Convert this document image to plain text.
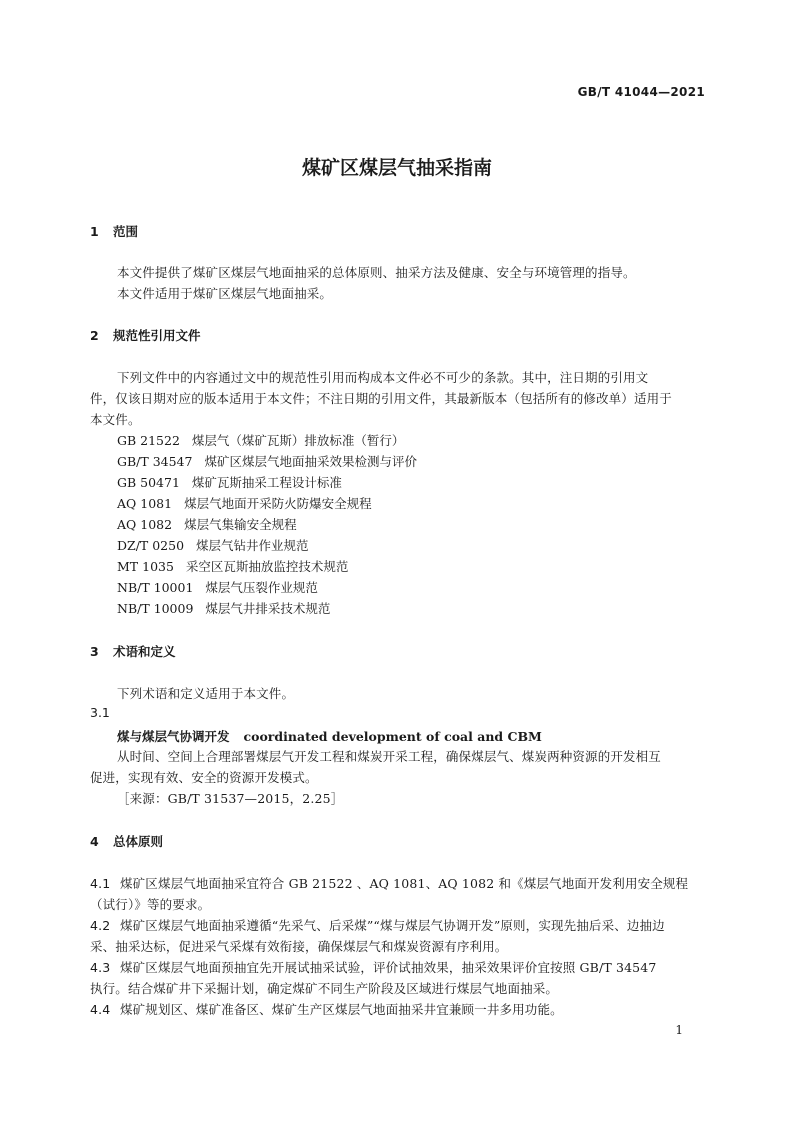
GB/T 41044—2021
煤矿区煤层气抽采指南
1 范围
本文件提供了煤矿区煤层气地面抽采的总体原则、抽采方法及健康、安全与环境管理的指导。
本文件适用于煤矿区煤层气地面抽采。
2 规范性引用文件
下列文件中的内容通过文中的规范性引用而构成本文件必不可少的条款。其中，注日期的引用文
件，仅该日期对应的版本适用于本文件；不注日期的引用文件，其最新版本（包括所有的修改单）适用于
本文件。
GB 21522 煤层气（煤矿瓦斯）排放标准（暂行）
GB/T 34547 煤矿区煤层气地面抽采效果检测与评价
GB 50471 煤矿瓦斯抽采工程设计标准
AQ 1081 煤层气地面开采防火防爆安全规程
AQ 1082 煤层气集输安全规程
DZ/T 0250 煤层气钻井作业规范
MT 1035 采空区瓦斯抽放监控技术规范
NB/T 10001 煤层气压裂作业规范
NB/T 10009 煤层气井排采技术规范
3 术语和定义
下列术语和定义适用于本文件。
3.1
煤与煤层气协调开发 coordinated development of coal and CBM
从时间、空间上合理部署煤层气开发工程和煤炭开采工程，确保煤层气、煤炭两种资源的开发相互
促进，实现有效、安全的资源开发模式。
［来源：GB/T 31537—2015，2.25］
4 总体原则
4.1 煤矿区煤层气地面抽采宜符合 GB 21522 、AQ 1081、AQ 1082 和《煤层气地面开发利用安全规程
（试行）》等的要求。
4.2 煤矿区煤层气地面抽采遵循“先采气、后采煤”“煤与煤层气协调开发”原则，实现先抽后采、边抽边
采、抽采达标，促进采气采煤有效衔接，确保煤层气和煤炭资源有序利用。
4.3 煤矿区煤层气地面预抽宜先开展试抽采试验，评价试抽效果，抽采效果评价宜按照 GB/T 34547
执行。结合煤矿井下采掘计划，确定煤矿不同生产阶段及区域进行煤层气地面抽采。
4.4 煤矿规划区、煤矿准备区、煤矿生产区煤层气地面抽采井宜兼顾一井多用功能。
1
